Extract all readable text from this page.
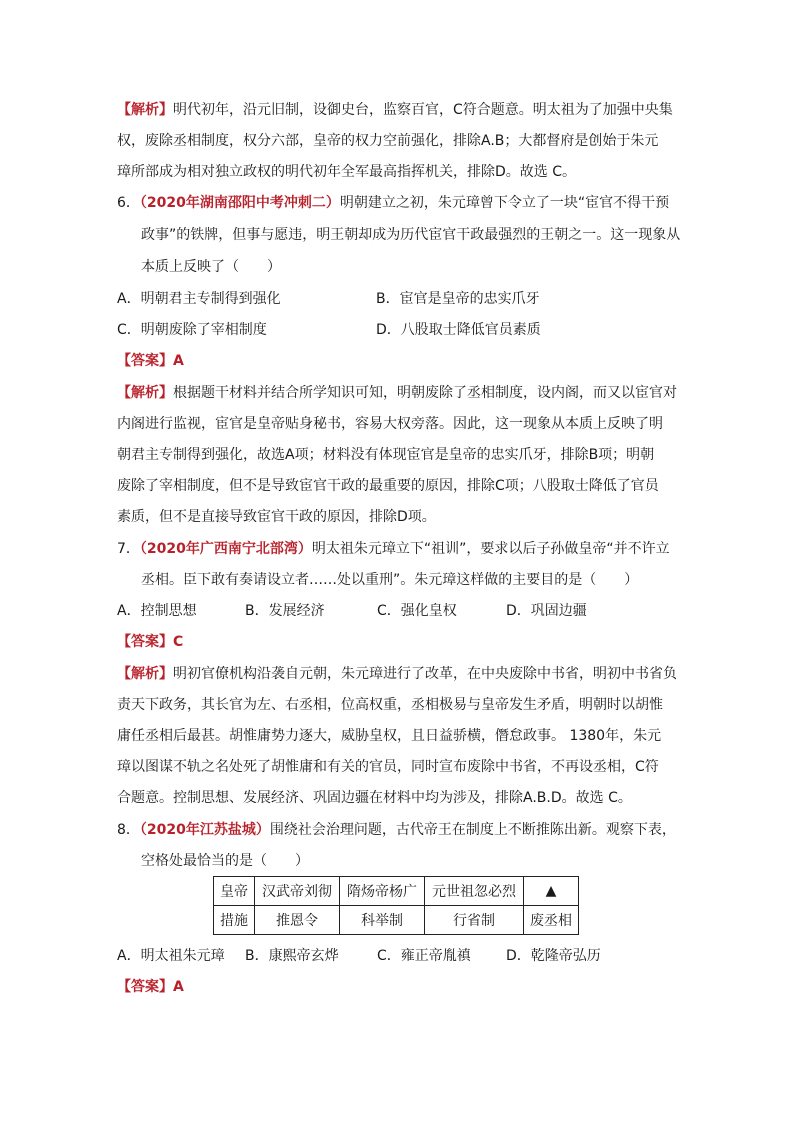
【解析】明代初年，沿元旧制，设御史台，监察百官，C符合题意。明太祖为了加强中央集
权，废除丞相制度，权分六部，皇帝的权力空前强化，排除A.B；大都督府是创始于朱元
璋所部成为相对独立政权的明代初年全军最高指挥机关，排除D。故选 C。
6．（2020年湖南邵阳中考冲刺二）明朝建立之初，朱元璋曾下令立了一块“宦官不得干预
政事”的铁牌，但事与愿违，明王朝却成为历代宦官干政最强烈的王朝之一。这一现象从
本质上反映了（　　）
A．明朝君主专制得到强化	B．宦官是皇帝的忠实爪牙
C．明朝废除了宰相制度	D．八股取士降低官员素质
【答案】A
【解析】根据题干材料并结合所学知识可知，明朝废除了丞相制度，设内阁，而又以宦官对
内阁进行监视，宦官是皇帝贴身秘书，容易大权旁落。因此，这一现象从本质上反映了明
朝君主专制得到强化，故选A项；材料没有体现宦官是皇帝的忠实爪牙，排除B项；明朝
废除了宰相制度，但不是导致宦官干政的最重要的原因，排除C项；八股取士降低了官员
素质，但不是直接导致宦官干政的原因，排除D项。
7．（2020年广西南宁北部湾）明太祖朱元璋立下“祖训”，要求以后子孙做皇帝“并不许立
丞相。臣下敢有奏请设立者……处以重刑”。朱元璋这样做的主要目的是（　　）
A．控制思想	B．发展经济	C．强化皇权	D．巩固边疆
【答案】C
【解析】明初官僚机构沿袭自元朝，朱元璋进行了改革，在中央废除中书省，明初中书省负
责天下政务，其长官为左、右丞相，位高权重，丞相极易与皇帝发生矛盾，明朝时以胡惟
庸任丞相后最甚。胡惟庸势力逐大，威胁皇权，且日益骄横，僭怠政事。 1380年，朱元
璋以图谋不轨之名处死了胡惟庸和有关的官员，同时宣布废除中书省，不再设丞相，C符
合题意。控制思想、发展经济、巩固边疆在材料中均为涉及，排除A.B.D。故选 C。
8．（2020年江苏盐城）围绕社会治理问题，古代帝王在制度上不断推陈出新。观察下表，
空格处最恰当的是（　　）
皇帝	汉武帝刘彻	隋炀帝杨广	元世祖忽必烈	▲
措施	推恩令	科举制	行省制	废丞相
A．明太祖朱元璋 B．康熙帝玄烨	C．雍正帝胤禛	D．乾隆帝弘历
【答案】A
